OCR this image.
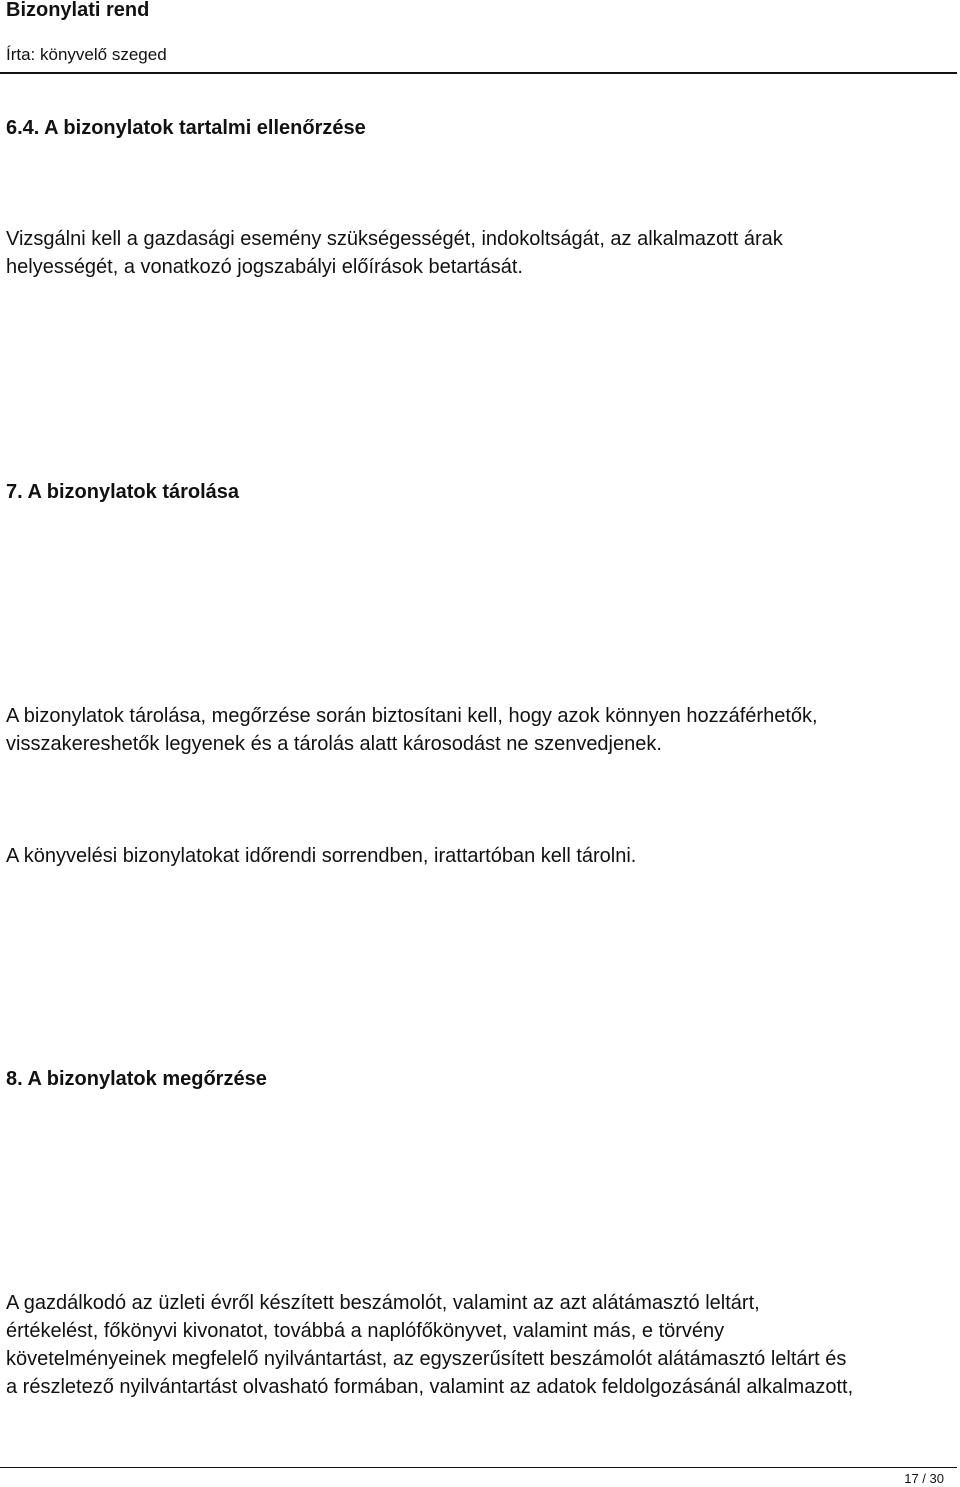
Bizonylati rend
Írta: könyvelő szeged
6.4. A bizonylatok tartalmi ellenőrzése
Vizsgálni kell a gazdasági esemény szükségességét, indokoltságát, az alkalmazott árak
helyességét, a vonatkozó jogszabályi előírások betartását.
7. A bizonylatok tárolása
A bizonylatok tárolása, megőrzése során biztosítani kell, hogy azok könnyen hozzáférhetők,
visszakereshetők legyenek és a tárolás alatt károsodást ne szenvedjenek.
A könyvelési bizonylatokat időrendi sorrendben, irattartóban kell tárolni.
8. A bizonylatok megőrzése
A gazdálkodó az üzleti évről készített beszámolót, valamint az azt alátámasztó leltárt,
értékelést, főkönyvi kivonatot, továbbá a naplófőkönyvet, valamint más, e törvény
követelményeinek megfelelő nyilvántartást, az egyszerűsített beszámolót alátámasztó leltárt és
a részletező nyilvántartást olvasható formában, valamint az adatok feldolgozásánál alkalmazott,
17 / 30
